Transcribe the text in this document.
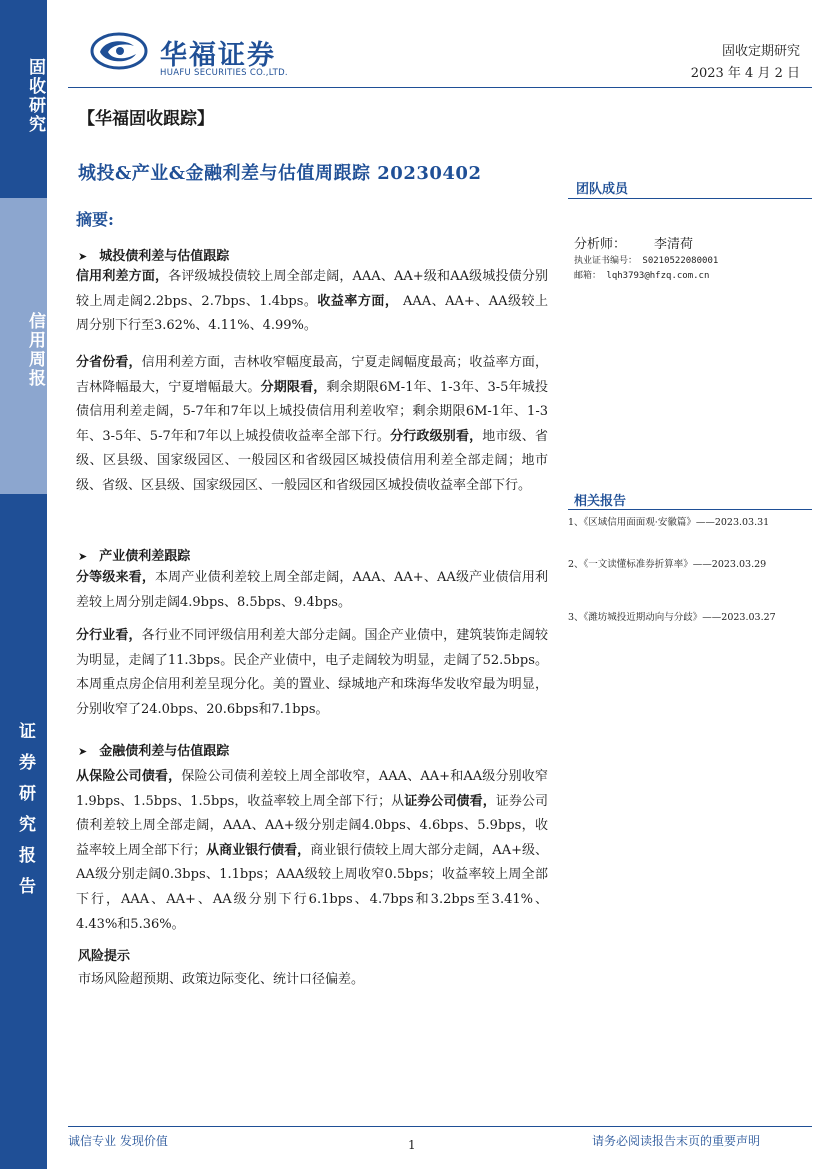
固收研究
信用周报
证券研究报告
华福证券
HUAFU SECURITIES CO.,LTD.
固收定期研究
2023 年 4 月 2 日
【华福固收跟踪】
城投&产业&金融利差与估值周跟踪 20230402
摘要:
➤ 城投债利差与估值跟踪
信用利差方面，各评级城投债较上周全部走阔，AAA、AA+级和AA级城投债分别较上周走阔2.2bps、2.7bps、1.4bps。收益率方面， AAA、AA+、AA级较上周分别下行至3.62%、4.11%、4.99%。
分省份看，信用利差方面，吉林收窄幅度最高，宁夏走阔幅度最高；收益率方面，吉林降幅最大，宁夏增幅最大。分期限看，剩余期限6M-1年、1-3年、3-5年城投债信用利差走阔，5-7年和7年以上城投债信用利差收窄；剩余期限6M-1年、1-3年、3-5年、5-7年和7年以上城投债收益率全部下行。分行政级别看，地市级、省级、区县级、国家级园区、一般园区和省级园区城投债信用利差全部走阔；地市级、省级、区县级、国家级园区、一般园区和省级园区城投债收益率全部下行。
➤ 产业债利差跟踪
分等级来看，本周产业债利差较上周全部走阔，AAA、AA+、AA级产业债信用利差较上周分别走阔4.9bps、8.5bps、9.4bps。
分行业看，各行业不同评级信用利差大部分走阔。国企产业债中，建筑装饰走阔较为明显，走阔了11.3bps。民企产业债中，电子走阔较为明显，走阔了52.5bps。本周重点房企信用利差呈现分化。美的置业、绿城地产和珠海华发收窄最为明显，分别收窄了24.0bps、20.6bps和7.1bps。
➤ 金融债利差与估值跟踪
从保险公司债看，保险公司债利差较上周全部收窄，AAA、AA+和AA级分别收窄1.9bps、1.5bps、1.5bps，收益率较上周全部下行；从证券公司债看，证券公司债利差较上周全部走阔，AAA、AA+级分别走阔4.0bps、4.6bps、5.9bps，收益率较上周全部下行；从商业银行债看，商业银行债较上周大部分走阔，AA+级、AA级分别走阔0.3bps、1.1bps；AAA级较上周收窄0.5bps；收益率较上周全部下行，AAA、AA+、AA级分别下行6.1bps、4.7bps和3.2bps至3.41%、4.43%和5.36%。
风险提示
市场风险超预期、政策边际变化、统计口径偏差。
团队成员
分析师： 李清荷
执业证书编号： S0210522080001
邮箱： lqh3793@hfzq.com.cn
相关报告
1、《区域信用面面观·安徽篇》——2023.03.31
2、《一文读懂标准券折算率》——2023.03.29
3、《潍坊城投近期动向与分歧》——2023.03.27
诚信专业 发现价值	1	请务必阅读报告末页的重要声明
